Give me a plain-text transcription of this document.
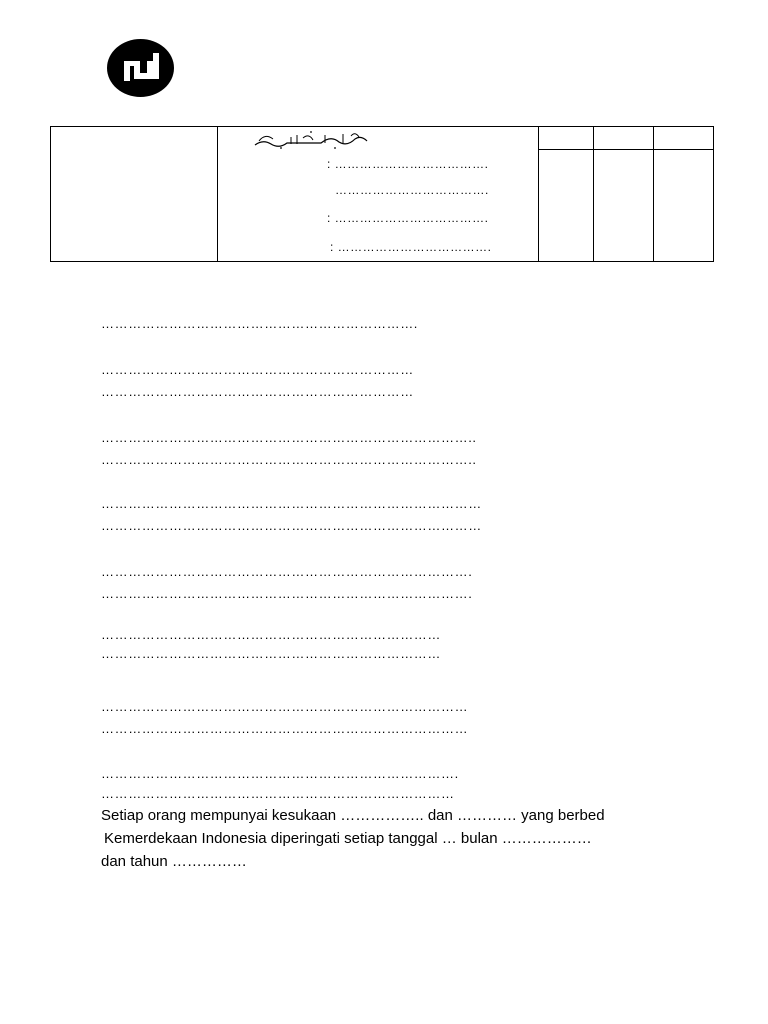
: ……………………………….
……………………………….
: ……………………………….
: ……………………………….
…………………………………………………………….
……………………………………………………………
……………………………………………………………
………………………………………………………………………..
………………………………………………………………………..
…………………………………………………………………………
…………………………………………………………………………
……………………………………………………………………….
……………………………………………………………………….
…………………………………………………………………
…………………………………………………………………
………………………………………………………………………
………………………………………………………………………
…………………………………………………………………….
……………………………………………………………………
Setiap orang mempunyai kesukaan …………….. dan ………… yang berbed
Kemerdekaan Indonesia diperingati setiap tanggal … bulan ………………
dan tahun ……………
